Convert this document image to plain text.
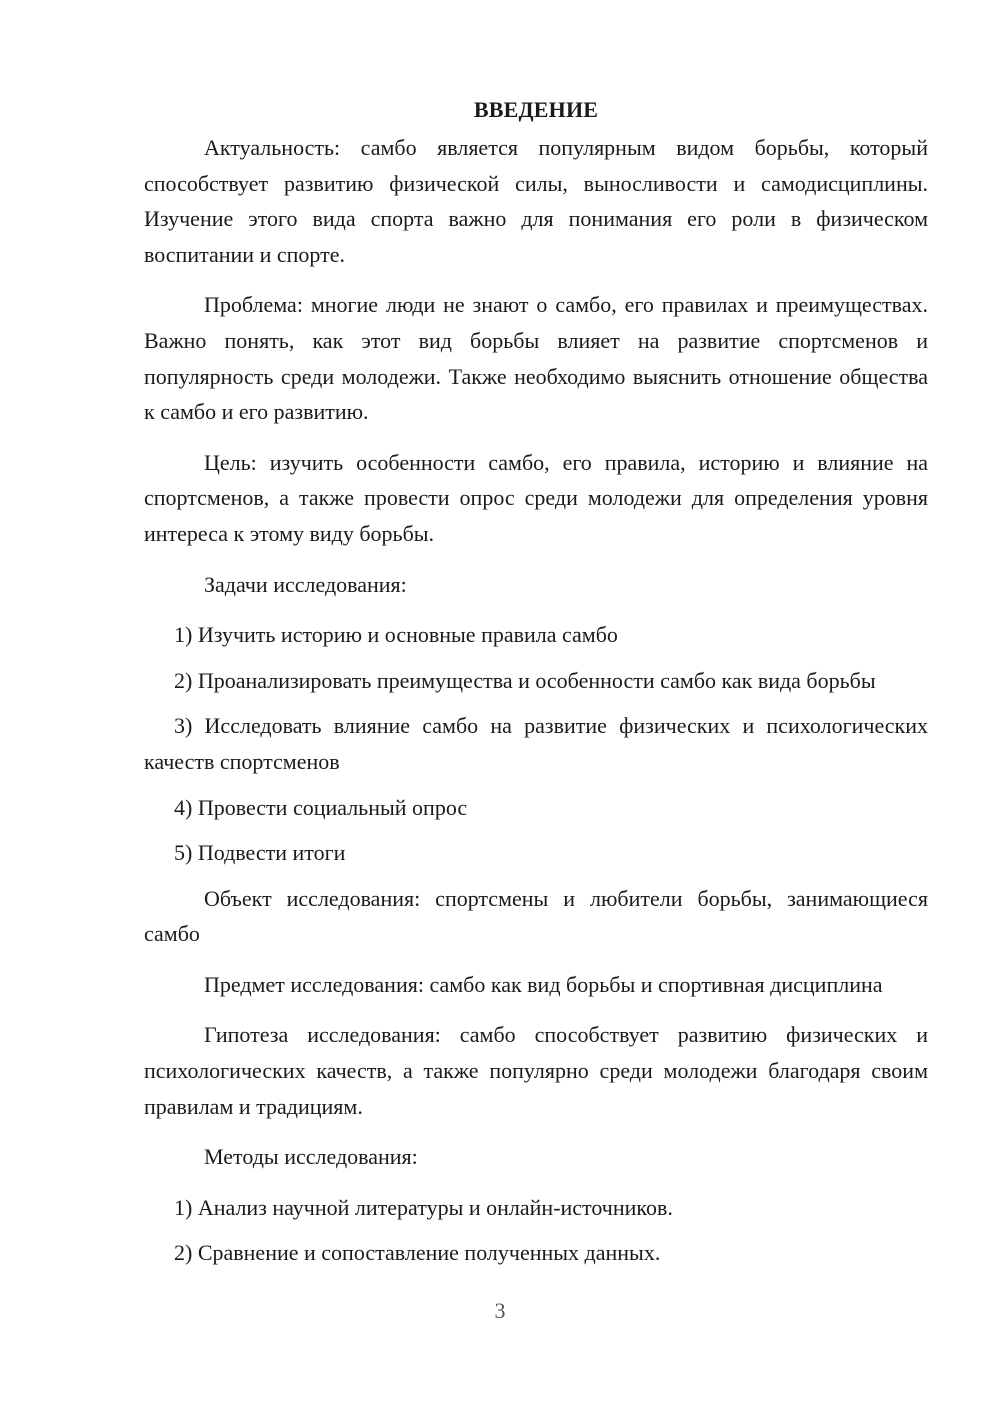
ВВЕДЕНИЕ

Актуальность: самбо является популярным видом борьбы, который способствует развитию физической силы, выносливости и самодисциплины. Изучение этого вида спорта важно для понимания его роли в физическом воспитании и спорте.

Проблема: многие люди не знают о самбо, его правилах и преимуществах. Важно понять, как этот вид борьбы влияет на развитие спортсменов и популярность среди молодежи. Также необходимо выяснить отношение общества к самбо и его развитию.

Цель: изучить особенности самбо, его правила, историю и влияние на спортсменов, а также провести опрос среди молодежи для определения уровня интереса к этому виду борьбы.

Задачи исследования:

1) Изучить историю и основные правила самбо

2) Проанализировать преимущества и особенности самбо как вида борьбы

3) Исследовать влияние самбо на развитие физических и психологических качеств спортсменов

4) Провести социальный опрос

5) Подвести итоги

Объект исследования: спортсмены и любители борьбы, занимающиеся самбо

Предмет исследования: самбо как вид борьбы и спортивная дисциплина

Гипотеза исследования: самбо способствует развитию физических и психологических качеств, а также популярно среди молодежи благодаря своим правилам и традициям.

Методы исследования:

1) Анализ научной литературы и онлайн-источников.

2) Сравнение и сопоставление полученных данных.

3
